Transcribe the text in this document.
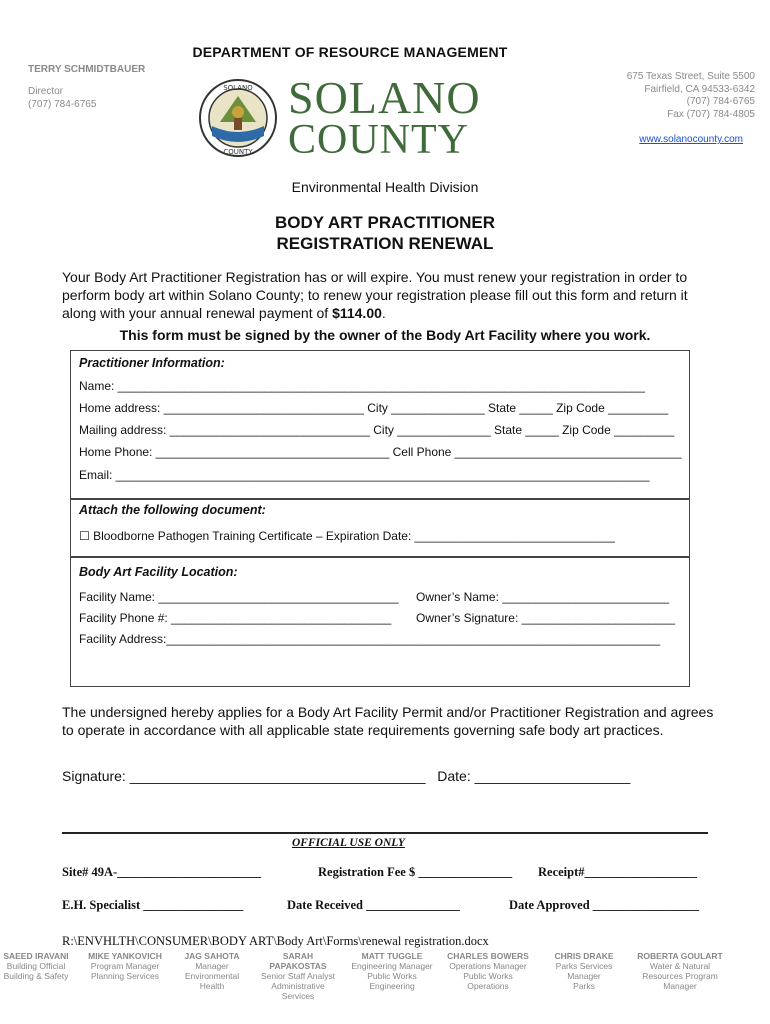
DEPARTMENT OF RESOURCE MANAGEMENT
TERRY SCHMIDTBAUER
Director
(707) 784-6765
SOLANO
COUNTY
SOLANO
COUNTY
675 Texas Street, Suite 5500
Fairfield, CA 94533-6342
(707) 784-6765
Fax (707) 784-4805
www.solanocounty.com
Environmental Health Division
BODY ART PRACTITIONER
REGISTRATION RENEWAL
Your Body Art Practitioner Registration has or will expire. You must renew your registration in order to perform body art within Solano County; to renew your registration please fill out this form and return it along with your annual renewal payment of $114.00.
This form must be signed by the owner of the Body Art Facility where you work.
Practitioner Information:
Name: _______________________________________________________________________________
Home address: ______________________________ City ______________ State _____ Zip Code _________
Mailing address: ______________________________ City ______________ State _____ Zip Code _________
Home Phone: ___________________________________ Cell Phone __________________________________
Email: ________________________________________________________________________________
Attach the following document:
☐ Bloodborne Pathogen Training Certificate – Expiration Date: ______________________________
Body Art Facility Location:
Facility Name: ____________________________________ Owner’s Name: _________________________
Facility Phone #: _________________________________ Owner’s Signature: _______________________
Facility Address:__________________________________________________________________________
The undersigned hereby applies for a Body Art Facility Permit and/or Practitioner Registration and agrees to operate in accordance with all applicable state requirements governing safe body art practices.
Signature: ______________________________________ Date: ____________________
OFFICIAL USE ONLY
Site# 49A-_______________________	Registration Fee $ _______________ Receipt#__________________
E.H. Specialist ________________	Date Received _______________	Date Approved _________________
R:\ENVHLTH\CONSUMER\BODY ART\Body Art\Forms\renewal registration.docx
SAEED IRAVANI
Building Official
Building & Safety
MIKE YANKOVICH
Program Manager
Planning Services
JAG SAHOTA
Manager
Environmental
Health
SARAH PAPAKOSTAS
Senior Staff Analyst
Administrative
Services
MATT TUGGLE
Engineering Manager
Public Works
Engineering
CHARLES BOWERS
Operations Manager
Public Works
Operations
CHRIS DRAKE
Parks Services
Manager
Parks
ROBERTA GOULART
Water & Natural
Resources Program
Manager
